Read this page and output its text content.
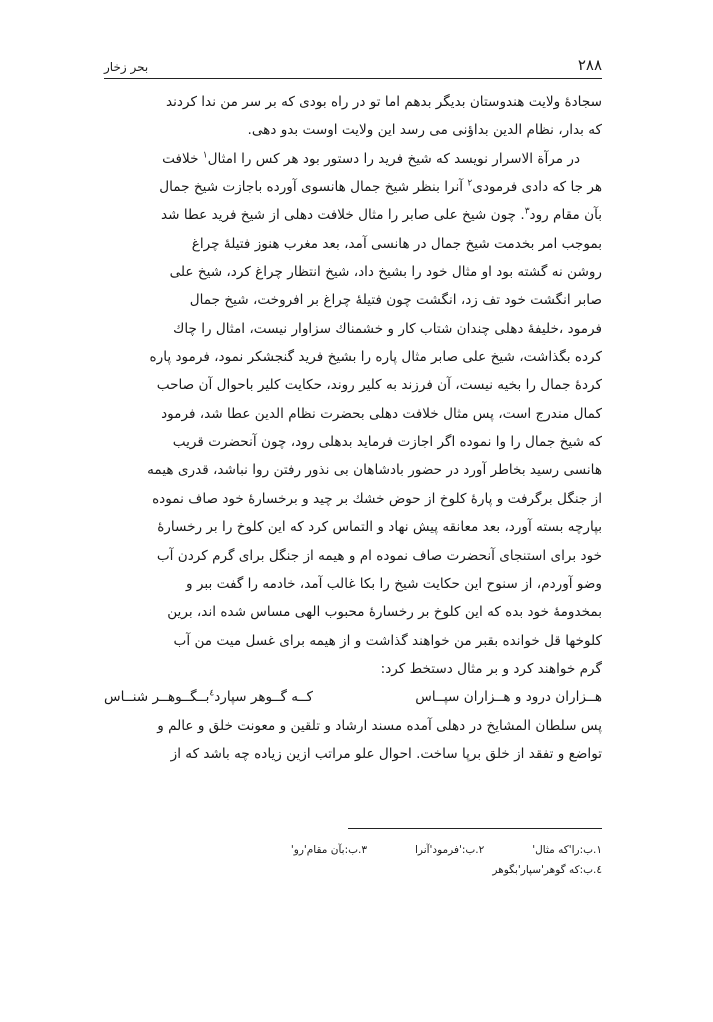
۲۸۸
بحر زخار

سجادهٔ ولایت هندوستان بدیگر بدهم اما تو در راه بودی که بر سر من ندا کردند

که بدار، نظام الدین بداؤنی می رسد این ولایت اوست بدو دهی.

در مرآة الاسرار نویسد که شیخ فرید را دستور بود هر کس را امثال$^۱$ خلافت

هر جا که دادی فرمودی$^۲$ آنرا بنظر شیخ جمال هانسوی آورده باجازت شیخ جمال

بآن مقام رود$^۳$. چون شیخ علی صابر را مثال خلافت دهلی از شیخ فرید عطا شد

بموجب امر بخدمت شیخ جمال در هانسی آمد، بعد مغرب هنوز فتیلهٔ چراغ

روشن نه گشته بود او مثال خود را بشیخ داد، شیخ انتظار چراغ کرد، شیخ علی

صابر انگشت خود تف زد، انگشت چون فتیلهٔ چراغ بر افروخت، شیخ جمال

فرمود ،خلیفهٔ دهلی چندان شتاب کار و خشمناك سزاوار نیست، امثال را چاك

کرده بگذاشت، شیخ علی صابر مثال پاره را بشیخ فرید گنجشکر نمود، فرمود پاره

کردهٔ جمال را بخیه نیست، آن فرزند به کلیر روند، حکایت کلیر باحوال آن صاحب

کمال مندرج است، پس مثال خلافت دهلی بحضرت نظام الدین عطا شد، فرمود

که شیخ جمال را وا نموده اگر اجازت فرماید بدهلی رود، چون آنحضرت قریب

هانسی رسید بخاطر آورد در حضور بادشاهان بی نذور رفتن روا نباشد، قدری هیمه

از جنگل برگرفت و پارهٔ کلوخ از حوض خشك بر چید و برخسارهٔ خود صاف نموده

بپارچه بسته آورد، بعد معانقه پیش نهاد و التماس کرد که این کلوخ را بر رخسارهٔ

خود برای استنجای آنحضرت صاف نموده ام و هیمه از جنگل برای گرم کردن آب

وضو آوردم، از سنوح این حکایت شیخ را بکا غالب آمد، خادمه را گفت ببر و

بمخدومهٔ خود بده که این کلوخ بر رخسارهٔ محبوب الهی مساس شده اند، برین

کلوخها قل خوانده بقبر من خواهند گذاشت و از هیمه برای غسل میت من آب

گرم خواهند کرد و بر مثال دستخط کرد:

هــزاران درود و هــزاران سپــاس
کــه گــوهر سپارد$^٤$بــگــوهــر شنــاس

پس سلطان المشایخ در دهلی آمده مسند ارشاد و تلقین و معونت خلق و عالم و

تواضع و تفقد از خلق برپا ساخت. احوال علو مراتب ازین زیاده چه باشد که از

۱.ب:را'که مثال'
۲.ب:'فرمود'آنرا
۳.ب:بآن مقام'رو'
٤.ب:که گوهر'سپار'بگوهر
